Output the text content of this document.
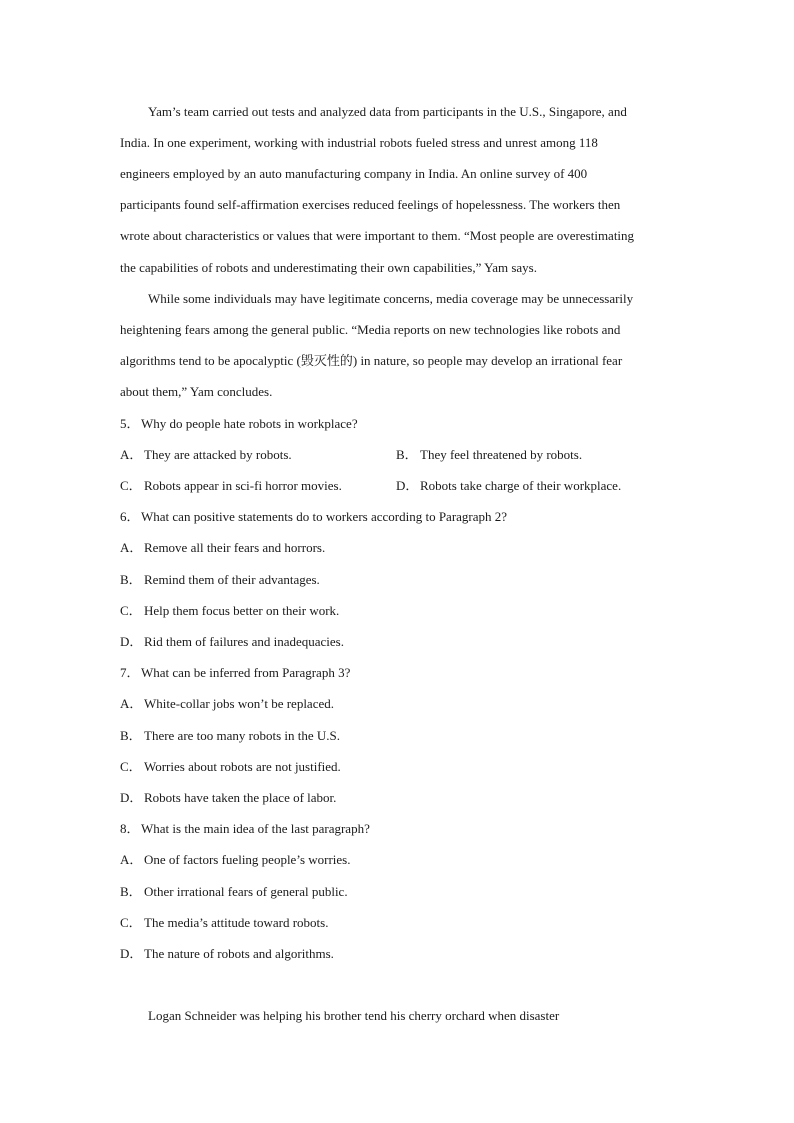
Yam’s team carried out tests and analyzed data from participants in the U.S., Singapore, and
India. In one experiment, working with industrial robots fueled stress and unrest among 118
engineers employed by an auto manufacturing company in India. An online survey of 400
participants found self-affirmation exercises reduced feelings of hopelessness. The workers then
wrote about characteristics or values that were important to them. “Most people are overestimating
the capabilities of robots and underestimating their own capabilities,” Yam says.
While some individuals may have legitimate concerns, media coverage may be unnecessarily
heightening fears among the general public. “Media reports on new technologies like robots and
algorithms tend to be apocalyptic (毁灭性的) in nature, so people may develop an irrational fear
about them,” Yam concludes.
5．Why do people hate robots in workplace?
A． They are attacked by robots.	B． They feel threatened by robots.
C． Robots appear in sci-fi horror movies.	D． Robots take charge of their workplace.
6．What can positive statements do to workers according to Paragraph 2?
A． Remove all their fears and horrors.
B． Remind them of their advantages.
C． Help them focus better on their work.
D． Rid them of failures and inadequacies.
7．What can be inferred from Paragraph 3?
A． White-collar jobs won’t be replaced.
B． There are too many robots in the U.S.
C． Worries about robots are not justified.
D． Robots have taken the place of labor.
8．What is the main idea of the last paragraph?
A． One of factors fueling people’s worries.
B． Other irrational fears of general public.
C． The media’s attitude toward robots.
D． The nature of robots and algorithms.
Logan Schneider was helping his brother tend his cherry orchard when disaster
